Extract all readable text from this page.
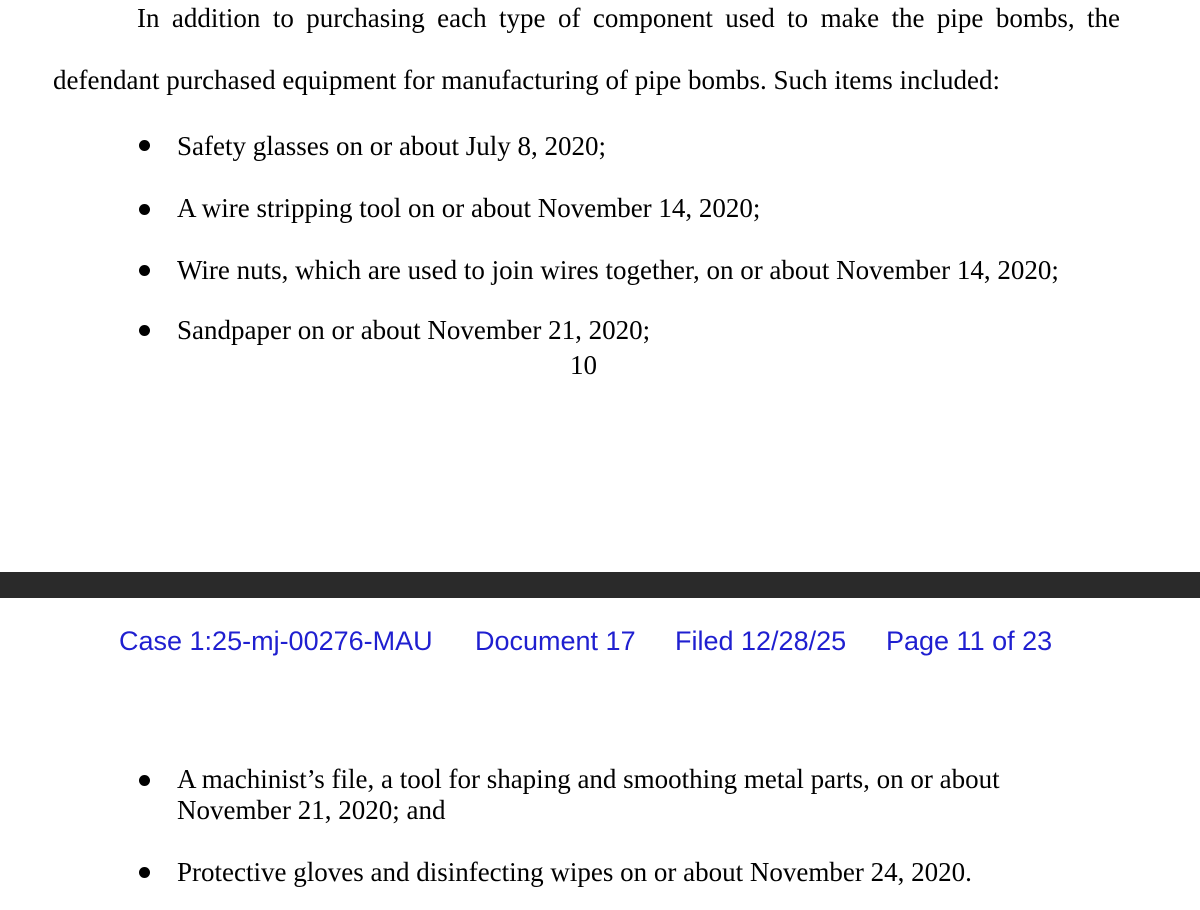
In addition to purchasing each type of component used to make the pipe bombs, the
defendant purchased equipment for manufacturing of pipe bombs. Such items included:
Safety glasses on or about July 8, 2020;
A wire stripping tool on or about November 14, 2020;
Wire nuts, which are used to join wires together, on or about November 14, 2020;
Sandpaper on or about November 21, 2020;
10
Case 1:25-mj-00276-MAU Document 17 Filed 12/28/25 Page 11 of 23
A machinist’s file, a tool for shaping and smoothing metal parts, on or about November 21, 2020; and
Protective gloves and disinfecting wipes on or about November 24, 2020.
